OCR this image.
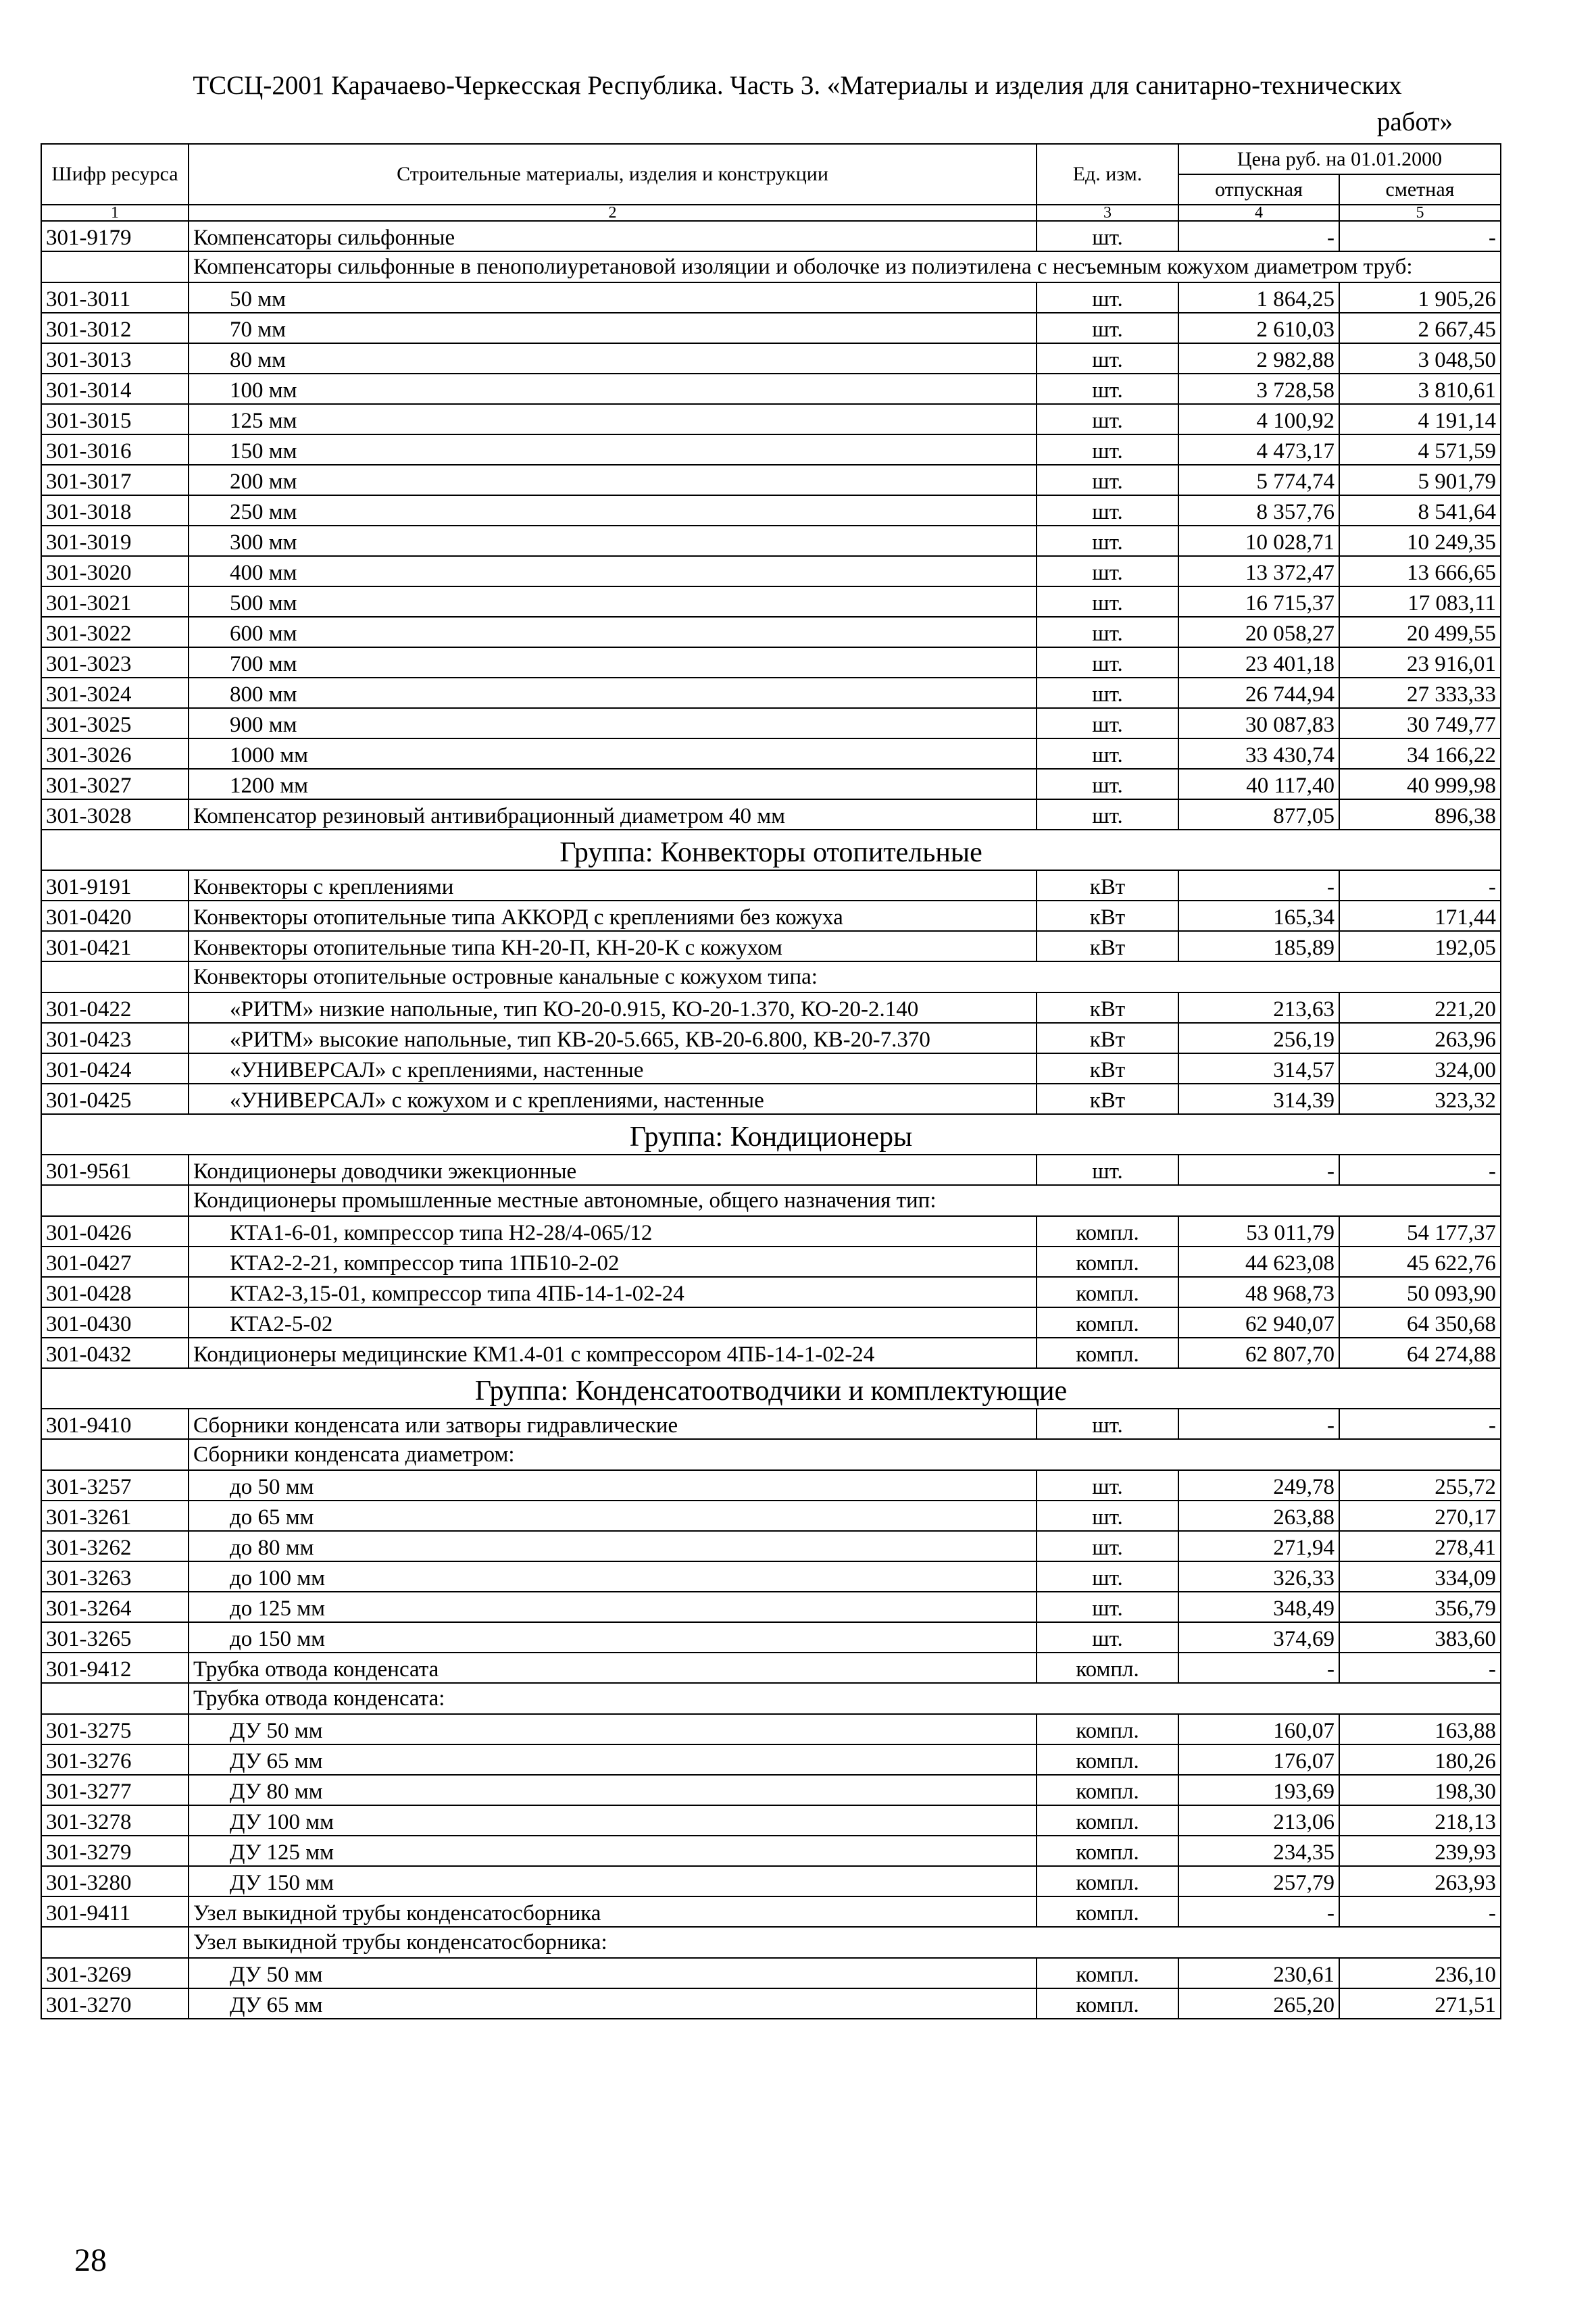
ТССЦ-2001 Карачаево-Черкесская Республика. Часть 3. «Материалы и изделия для санитарно-технических
работ»
Шифр ресурса	Строительные материалы, изделия и конструкции	Ед. изм.	Цена руб. на 01.01.2000	
			отпускная	сметная
1	2	3	4	5
301-9179	Компенсаторы сильфонные	шт.	-	-
	Компенсаторы сильфонные в пенополиуретановой изоляции и оболочке из полиэтилена с несъемным кожухом диаметром труб:			
301-3011	50 мм	шт.	1 864,25	1 905,26
301-3012	70 мм	шт.	2 610,03	2 667,45
301-3013	80 мм	шт.	2 982,88	3 048,50
301-3014	100 мм	шт.	3 728,58	3 810,61
301-3015	125 мм	шт.	4 100,92	4 191,14
301-3016	150 мм	шт.	4 473,17	4 571,59
301-3017	200 мм	шт.	5 774,74	5 901,79
301-3018	250 мм	шт.	8 357,76	8 541,64
301-3019	300 мм	шт.	10 028,71	10 249,35
301-3020	400 мм	шт.	13 372,47	13 666,65
301-3021	500 мм	шт.	16 715,37	17 083,11
301-3022	600 мм	шт.	20 058,27	20 499,55
301-3023	700 мм	шт.	23 401,18	23 916,01
301-3024	800 мм	шт.	26 744,94	27 333,33
301-3025	900 мм	шт.	30 087,83	30 749,77
301-3026	1000 мм	шт.	33 430,74	34 166,22
301-3027	1200 мм	шт.	40 117,40	40 999,98
301-3028	Компенсатор резиновый антивибрационный диаметром 40 мм	шт.	877,05	896,38
Группа: Конвекторы отопительные				
301-9191	Конвекторы с креплениями	кВт	-	-
301-0420	Конвекторы отопительные типа АККОРД с креплениями без кожуха	кВт	165,34	171,44
301-0421	Конвекторы отопительные типа КН-20-П, КН-20-К с кожухом	кВт	185,89	192,05
	Конвекторы отопительные островные канальные с кожухом типа:			
301-0422	«РИТМ» низкие напольные, тип КО-20-0.915, КО-20-1.370, КО-20-2.140	кВт	213,63	221,20
301-0423	«РИТМ» высокие напольные, тип КВ-20-5.665, КВ-20-6.800, КВ-20-7.370	кВт	256,19	263,96
301-0424	«УНИВЕРСАЛ» с креплениями, настенные	кВт	314,57	324,00
301-0425	«УНИВЕРСАЛ» с кожухом и с креплениями, настенные	кВт	314,39	323,32
Группа: Кондиционеры				
301-9561	Кондиционеры доводчики эжекционные	шт.	-	-
	Кондиционеры промышленные местные автономные, общего назначения тип:			
301-0426	КТА1-6-01, компрессор типа Н2-28/4-065/12	компл.	53 011,79	54 177,37
301-0427	КТА2-2-21, компрессор типа 1ПБ10-2-02	компл.	44 623,08	45 622,76
301-0428	КТА2-3,15-01, компрессор типа 4ПБ-14-1-02-24	компл.	48 968,73	50 093,90
301-0430	КТА2-5-02	компл.	62 940,07	64 350,68
301-0432	Кондиционеры медицинские КМ1.4-01 с компрессором 4ПБ-14-1-02-24	компл.	62 807,70	64 274,88
Группа: Конденсатоотводчики и комплектующие				
301-9410	Сборники конденсата или затворы гидравлические	шт.	-	-
	Сборники конденсата диаметром:			
301-3257	до 50 мм	шт.	249,78	255,72
301-3261	до 65 мм	шт.	263,88	270,17
301-3262	до 80 мм	шт.	271,94	278,41
301-3263	до 100 мм	шт.	326,33	334,09
301-3264	до 125 мм	шт.	348,49	356,79
301-3265	до 150 мм	шт.	374,69	383,60
301-9412	Трубка отвода конденсата	компл.	-	-
	Трубка отвода конденсата:			
301-3275	ДУ 50 мм	компл.	160,07	163,88
301-3276	ДУ 65 мм	компл.	176,07	180,26
301-3277	ДУ 80 мм	компл.	193,69	198,30
301-3278	ДУ 100 мм	компл.	213,06	218,13
301-3279	ДУ 125 мм	компл.	234,35	239,93
301-3280	ДУ 150 мм	компл.	257,79	263,93
301-9411	Узел выкидной трубы конденсатосборника	компл.	-	-
	Узел выкидной трубы конденсатосборника:			
301-3269	ДУ 50 мм	компл.	230,61	236,10
301-3270	ДУ 65 мм	компл.	265,20	271,51
28
